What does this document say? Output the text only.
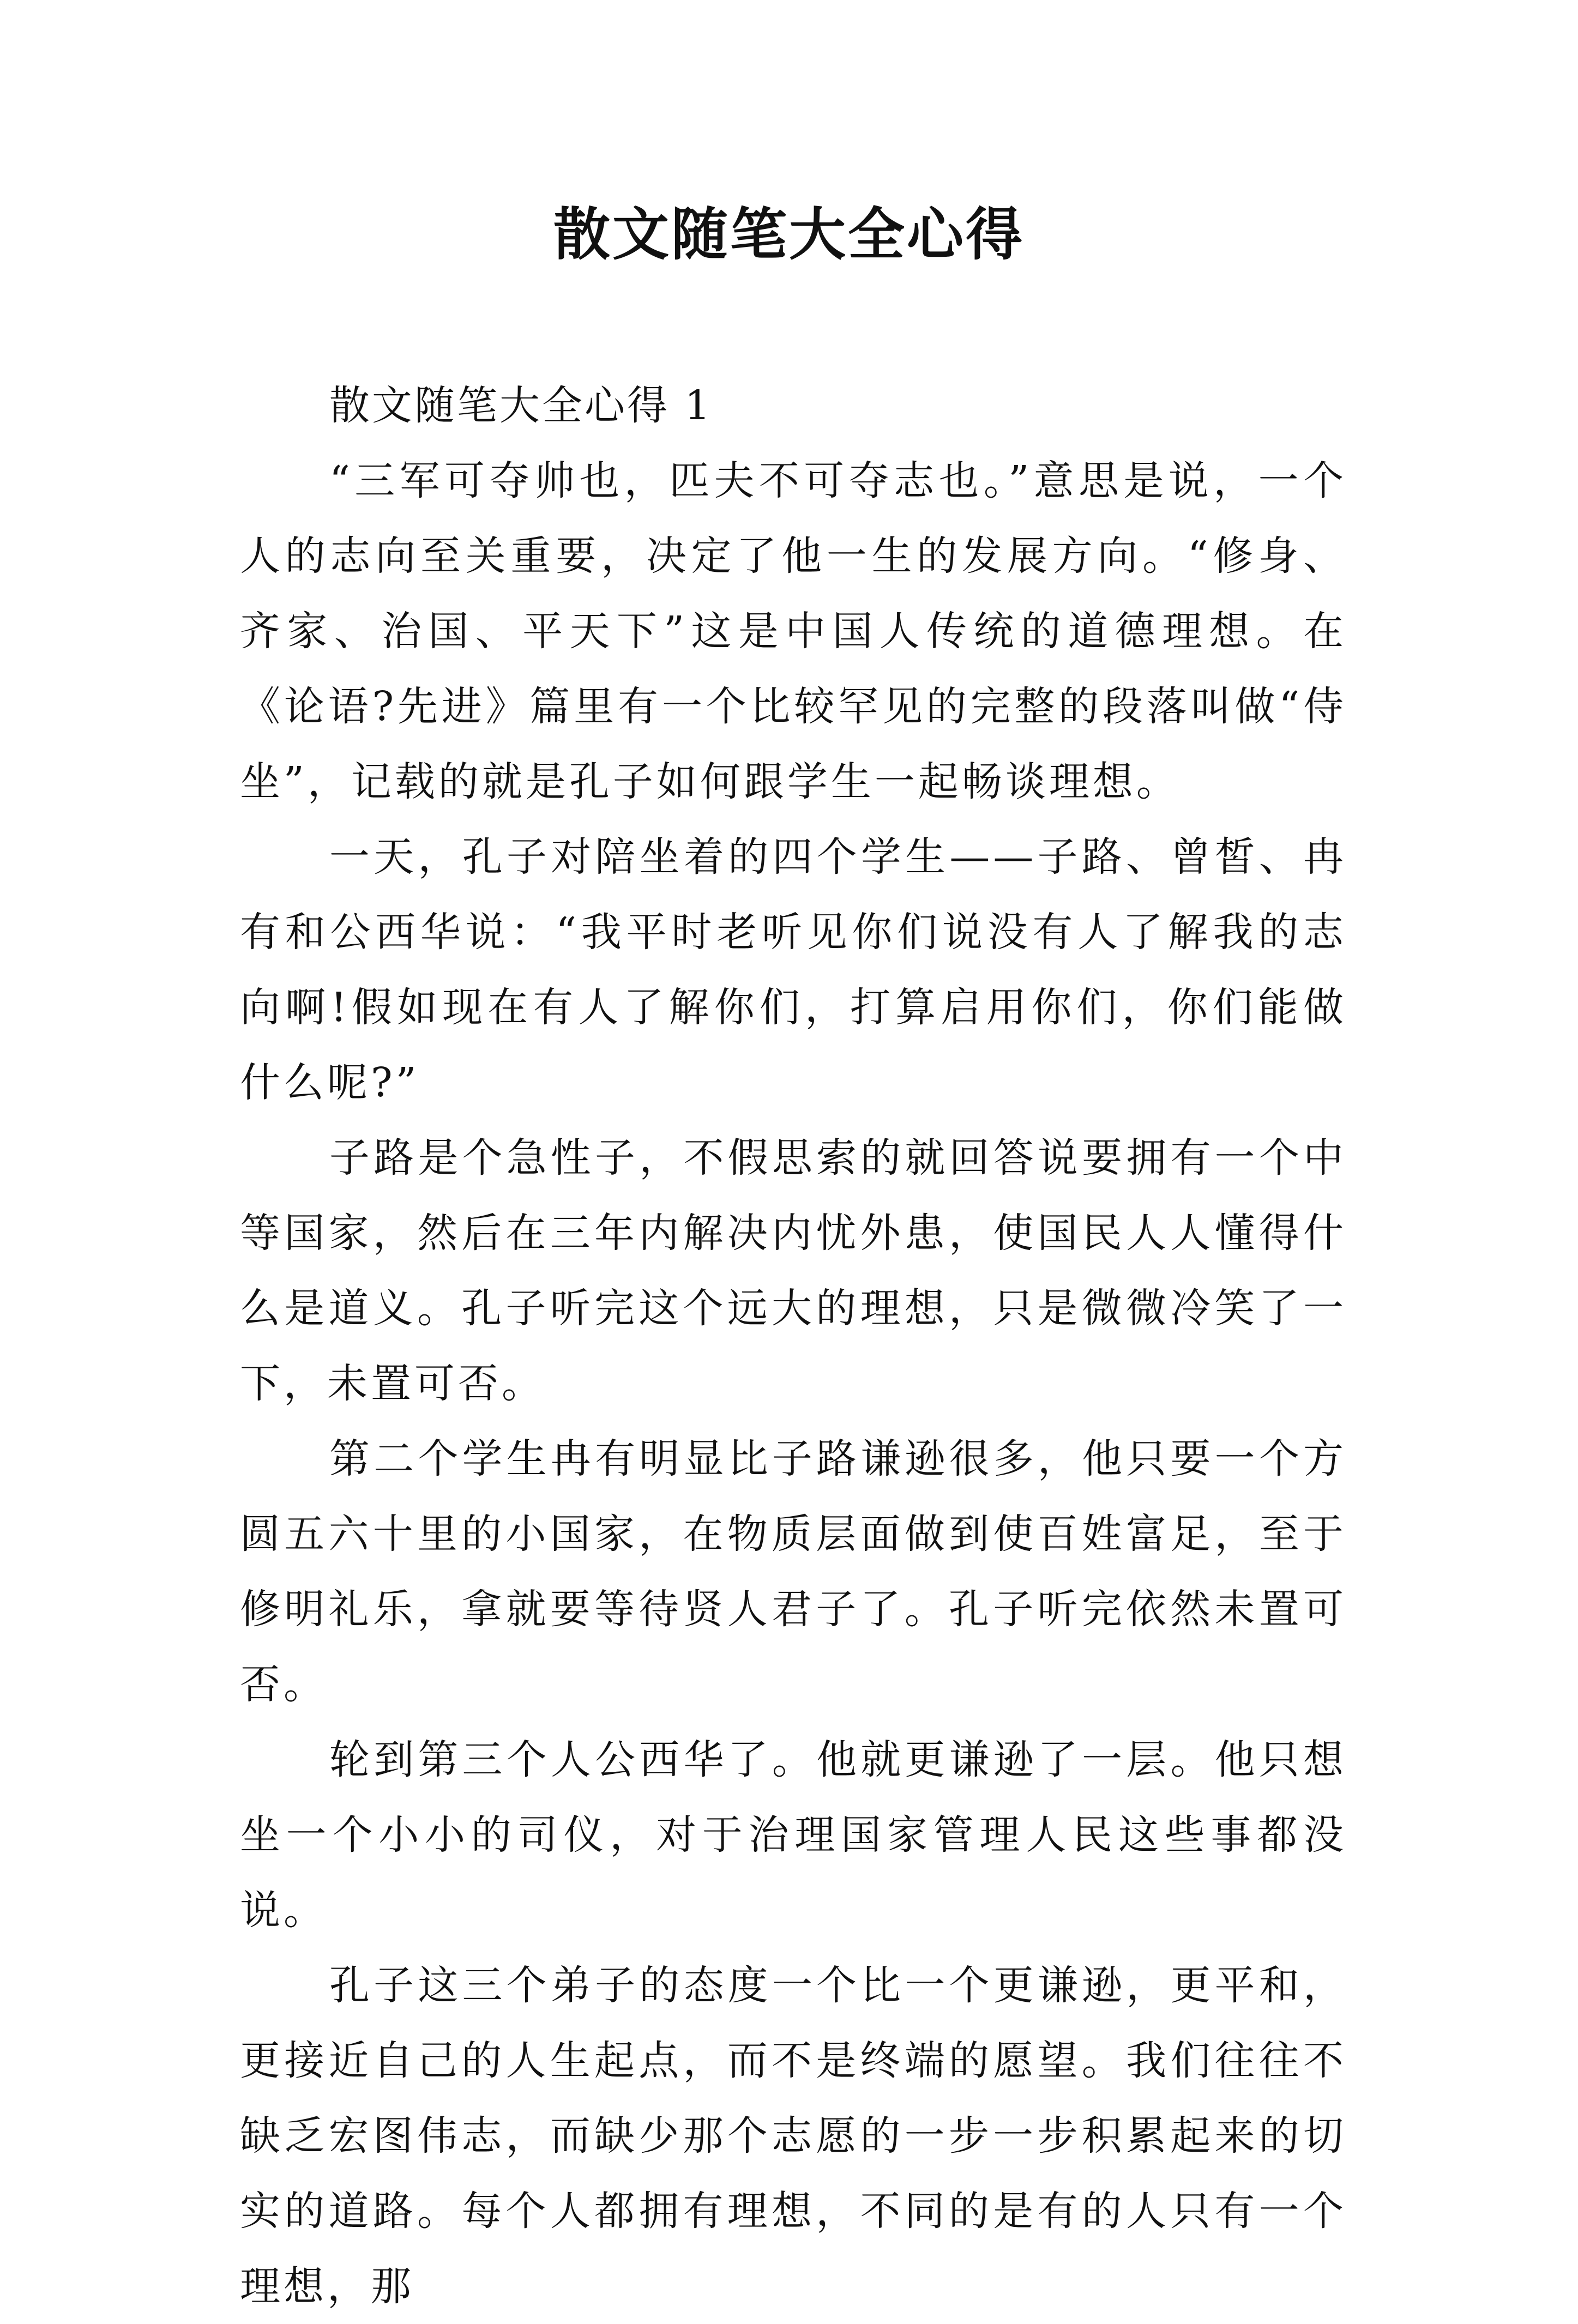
散文随笔大全心得

散文随笔大全心得 1

“三军可夺帅也，匹夫不可夺志也。”意思是说，一个人的志向至关重要，决定了他一生的发展方向。“修身、齐家、治国、平天下”这是中国人传统的道德理想。在《论语?先进》篇里有一个比较罕见的完整的段落叫做“侍坐”，记载的就是孔子如何跟学生一起畅谈理想。

一天，孔子对陪坐着的四个学生——子路、曾皙、冉有和公西华说：“我平时老听见你们说没有人了解我的志向啊!假如现在有人了解你们，打算启用你们，你们能做什么呢?”

子路是个急性子，不假思索的就回答说要拥有一个中等国家，然后在三年内解决内忧外患，使国民人人懂得什么是道义。孔子听完这个远大的理想，只是微微冷笑了一下，未置可否。

第二个学生冉有明显比子路谦逊很多，他只要一个方圆五六十里的小国家，在物质层面做到使百姓富足，至于修明礼乐，拿就要等待贤人君子了。孔子听完依然未置可否。

轮到第三个人公西华了。他就更谦逊了一层。他只想坐一个小小的司仪，对于治理国家管理人民这些事都没说。

孔子这三个弟子的态度一个比一个更谦逊，更平和，更接近自己的人生起点，而不是终端的愿望。我们往往不缺乏宏图伟志，而缺少那个志愿的一步一步积累起来的切实的道路。每个人都拥有理想，不同的是有的人只有一个理想，那
